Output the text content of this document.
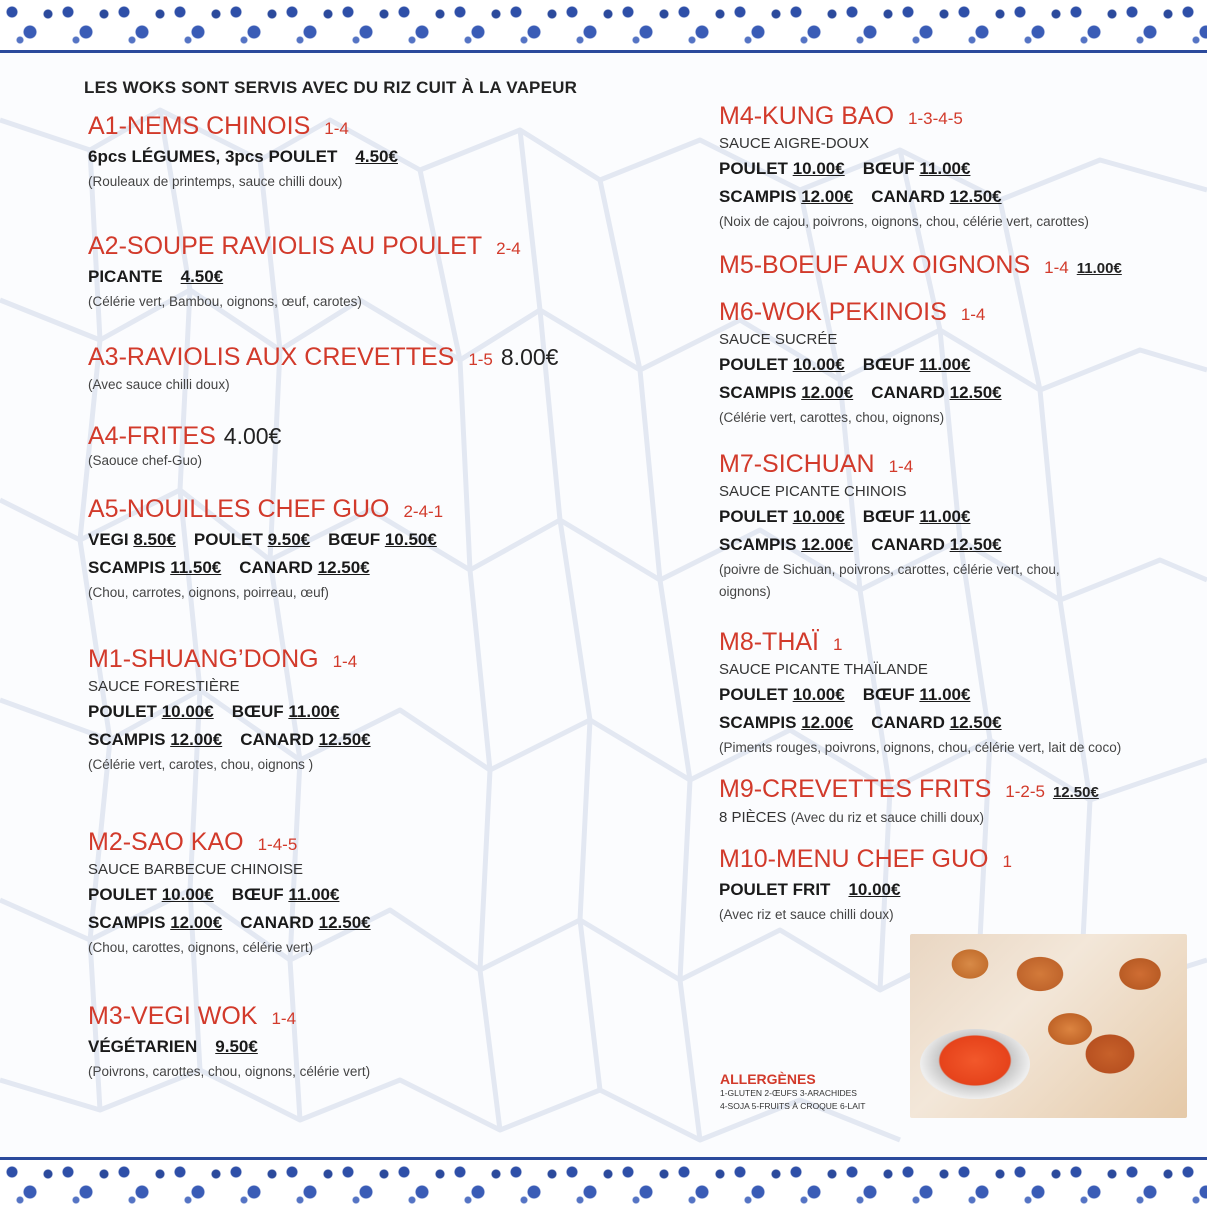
LES WOKS SONT SERVIS AVEC DU RIZ CUIT À LA VAPEUR
ALLERGÈNES
1-GLUTEN 2-ŒUFS 3-ARACHIDES
4-SOJA 5-FRUITS À CROQUE 6-LAIT
A1-NEMS CHINOIS 1-4
6pcs LÉGUMES, 3pcs POULET 4.50€
(Rouleaux de printemps, sauce chilli doux)
A2-SOUPE RAVIOLIS AU POULET 2-4
PICANTE 4.50€
(Célérie vert, Bambou, oignons, œuf, carotes)
A3-RAVIOLIS AUX CREVETTES 1-5 8.00€
(Avec sauce chilli doux)
A4-FRITES 4.00€
(Saouce chef-Guo)
A5-NOUILLES CHEF GUO 2-4-1
VEGI 8.50€ POULET 9.50€ BŒUF 10.50€
SCAMPIS 11.50€ CANARD 12.50€
(Chou, carrotes, oignons, poirreau, œuf)
M1-SHUANG’DONG 1-4
SAUCE FORESTIÈRE
POULET 10.00€ BŒUF 11.00€
SCAMPIS 12.00€ CANARD 12.50€
(Célérie vert, carotes, chou, oignons )
M2-SAO KAO 1-4-5
SAUCE BARBECUE CHINOISE
POULET 10.00€ BŒUF 11.00€
SCAMPIS 12.00€ CANARD 12.50€
(Chou, carottes, oignons, célérie vert)
M3-VEGI WOK 1-4
VÉGÉTARIEN 9.50€
(Poivrons, carottes, chou, oignons, célérie vert)
M4-KUNG BAO 1-3-4-5
SAUCE AIGRE-DOUX
POULET 10.00€ BŒUF 11.00€
SCAMPIS 12.00€ CANARD 12.50€
(Noix de cajou, poivrons, oignons, chou, célérie vert, carottes)
M5-BOEUF AUX OIGNONS 1-4 11.00€
M6-WOK PEKINOIS 1-4
SAUCE SUCRÉE
POULET 10.00€ BŒUF 11.00€
SCAMPIS 12.00€ CANARD 12.50€
(Célérie vert, carottes, chou, oignons)
M7-SICHUAN 1-4
SAUCE PICANTE CHINOIS
POULET 10.00€ BŒUF 11.00€
SCAMPIS 12.00€ CANARD 12.50€
(poivre de Sichuan, poivrons, carottes, célérie vert, chou,
oignons)
M8-THAÏ 1
SAUCE PICANTE THAÏLANDE
POULET 10.00€ BŒUF 11.00€
SCAMPIS 12.00€ CANARD 12.50€
(Piments rouges, poivrons, oignons, chou, célérie vert, lait de coco)
M9-CREVETTES FRITS 1-2-5 12.50€
8 PIÈCES (Avec du riz et sauce chilli doux)
M10-MENU CHEF GUO 1
POULET FRIT 10.00€
(Avec riz et sauce chilli doux)
